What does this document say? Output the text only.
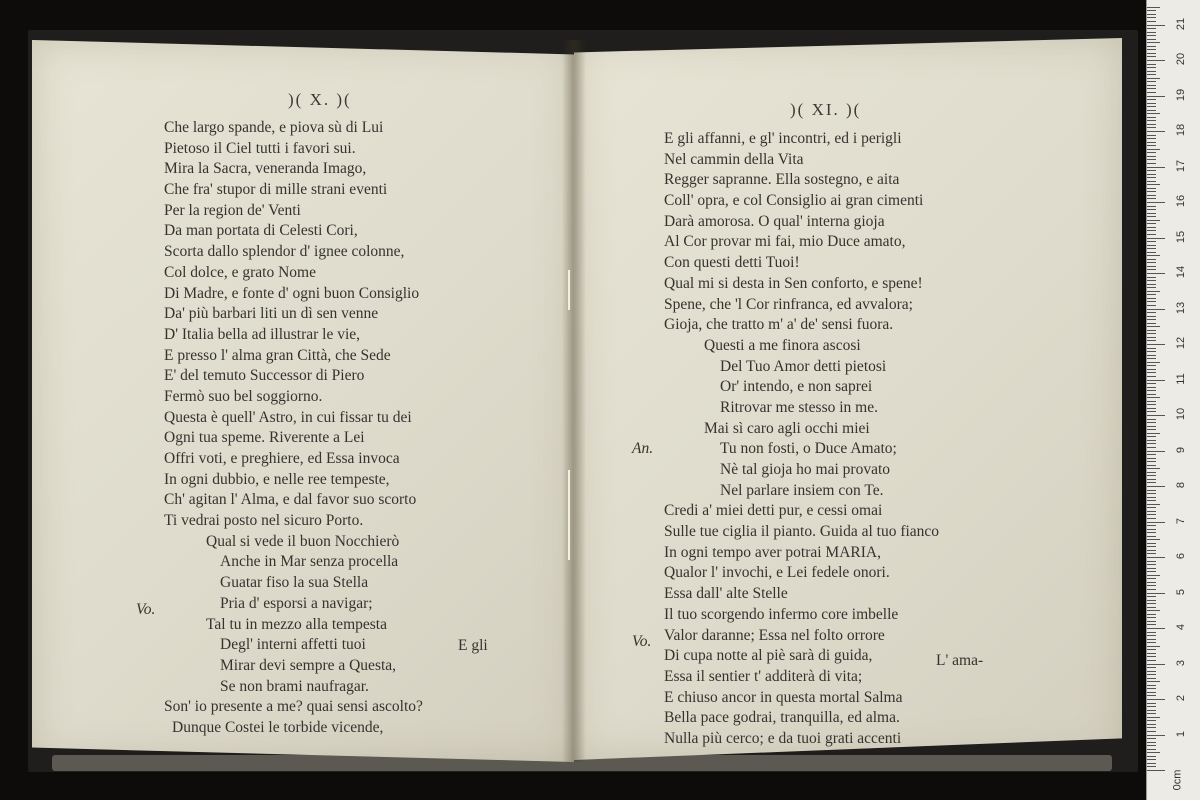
)( X. )(
Che largo spande, e piova sù di Lui
Pietoso il Ciel tutti i favori sui.
Mira la Sacra, veneranda Imago,
Che fra' stupor di mille strani eventi
Per la region de' Venti
Da man portata di Celesti Cori,
Scorta dallo splendor d' ignee colonne,
Col dolce, e grato Nome
Di Madre, e fonte d' ogni buon Consiglio
Da' più barbari liti un dì sen venne
D' Italia bella ad illustrar le vie,
E presso l' alma gran Città, che Sede
E' del temuto Successor di Piero
Fermò suo bel soggiorno.
Questa è quell' Astro, in cui fissar tu dei
Ogni tua speme. Riverente a Lei
Offri voti, e preghiere, ed Essa invoca
In ogni dubbio, e nelle ree tempeste,
Ch' agitan l' Alma, e dal favor suo scorto
Ti vedrai posto nel sicuro Porto.
Qual si vede il buon Nocchierò
Anche in Mar senza procella
Guatar fiso la sua Stella
Pria d' esporsi a navigar;
Tal tu in mezzo alla tempesta
Degl' interni affetti tuoi
Mirar devi sempre a Questa,
Se non brami naufragar.
Son' io presente a me? quai sensi ascolto?
Dunque Costei le torbide vicende,
Vo.
E gli
)( XI. )(
E gli affanni, e gl' incontri, ed i perigli
Nel cammin della Vita
Regger sapranne. Ella sostegno, e aita
Coll' opra, e col Consiglio ai gran cimenti
Darà amorosa. O qual' interna gioja
Al Cor provar mi fai, mio Duce amato,
Con questi detti Tuoi!
Qual mi si desta in Sen conforto, e spene!
Spene, che 'l Cor rinfranca, ed avvalora;
Gioja, che tratto m' a' de' sensi fuora.
Questi a me finora ascosi
Del Tuo Amor detti pietosi
Or' intendo, e non saprei
Ritrovar me stesso in me.
Mai sì caro agli occhi miei
Tu non fosti, o Duce Amato;
Nè tal gioja ho mai provato
Nel parlare insiem con Te.
Credi a' miei detti pur, e cessi omai
Sulle tue ciglia il pianto. Guida al tuo fianco
In ogni tempo aver potrai MARIA,
Qualor l' invochi, e Lei fedele onori.
Essa dall' alte Stelle
Il tuo scorgendo infermo core imbelle
Valor daranne; Essa nel folto orrore
Di cupa notte al piè sarà di guida,
Essa il sentier t' additerà di vita;
E chiuso ancor in questa mortal Salma
Bella pace godrai, tranquilla, ed alma.
Nulla più cerco; e da tuoi grati accenti
An.
Vo.
L' ama-
0cm
1
2
3
4
5
6
7
8
9
10
11
12
13
14
15
16
17
18
19
20
21
